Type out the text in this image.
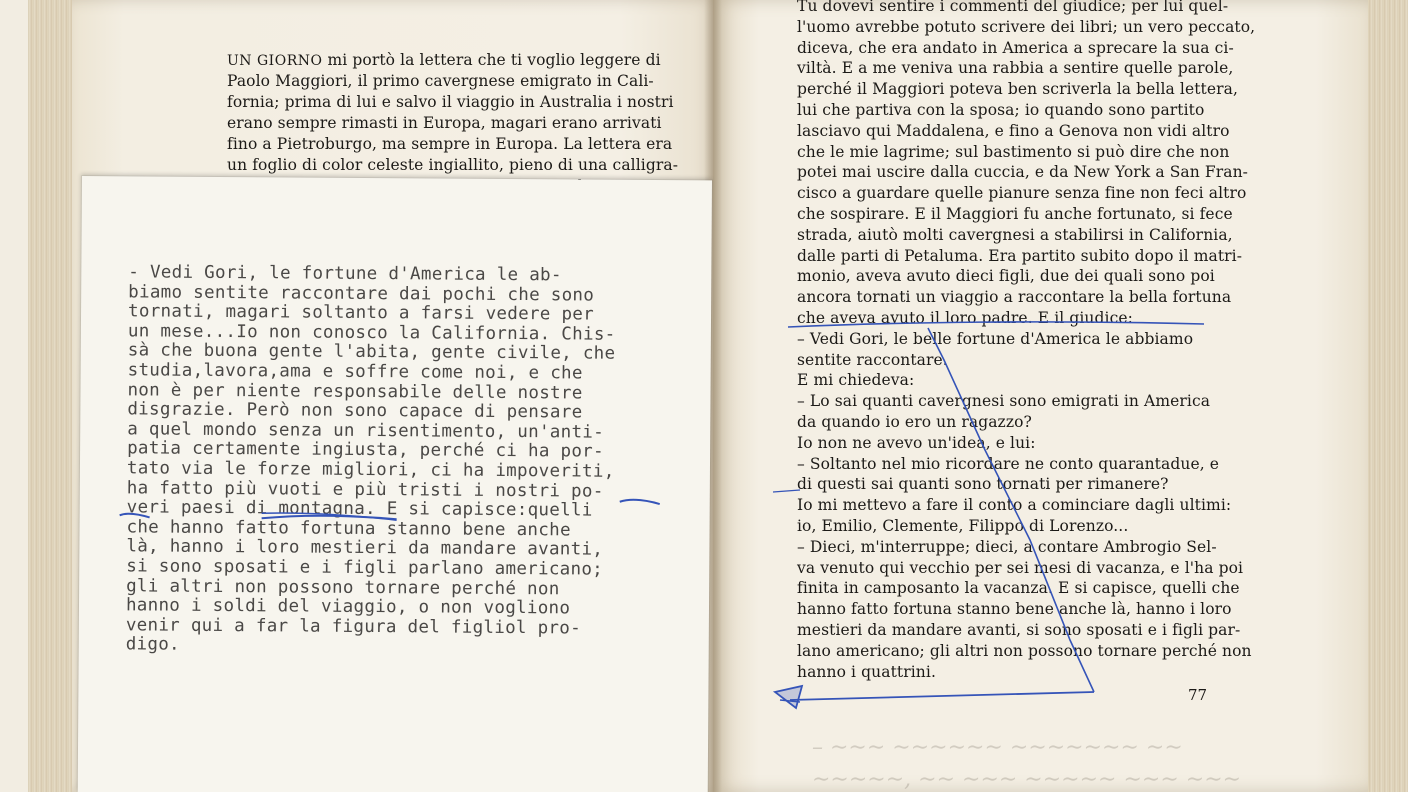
UN GIORNO mi portò la lettera che ti voglio leggere di
Paolo Maggiori, il primo cavergnese emigrato in Cali-
fornia; prima di lui e salvo il viaggio in Australia i nostri
erano sempre rimasti in Europa, magari erano arrivati
fino a Pietroburgo, ma sempre in Europa. La lettera era
un foglio di color celeste ingiallito, pieno di una calligra-
- Vedi Gori, le fortune d'America le ab-
biamo sentite raccontare dai pochi che sono
tornati, magari soltanto a farsi vedere per
un mese...Io non conosco la California. Chis-
sà che buona gente l'abita, gente civile, che
studia,lavora,ama e soffre come noi, e che
non è per niente responsabile delle nostre
disgrazie. Però non sono capace di pensare
a quel mondo senza un risentimento, un'anti-
patia certamente ingiusta, perché ci ha por-
tato via le forze migliori, ci ha impoveriti,
ha fatto più vuoti e più tristi i nostri po-
veri paesi di montagna. E si capisce:quelli
che hanno fatto fortuna stanno bene anche
là, hanno i loro mestieri da mandare avanti,
si sono sposati e i figli parlano americano;
gli altri non possono tornare perché non
hanno i soldi del viaggio, o non vogliono
venir qui a far la figura del figliol pro-
digo.
Tu dovevi sentire i commenti del giudice; per lui quel-
l'uomo avrebbe potuto scrivere dei libri; un vero peccato,
diceva, che era andato in America a sprecare la sua ci-
viltà. E a me veniva una rabbia a sentire quelle parole,
perché il Maggiori poteva ben scriverla la bella lettera,
lui che partiva con la sposa; io quando sono partito
lasciavo qui Maddalena, e fino a Genova non vidi altro
che le mie lagrime; sul bastimento si può dire che non
potei mai uscire dalla cuccia, e da New York a San Fran-
cisco a guardare quelle pianure senza fine non feci altro
che sospirare. E il Maggiori fu anche fortunato, si fece
strada, aiutò molti cavergnesi a stabilirsi in California,
dalle parti di Petaluma. Era partito subito dopo il matri-
monio, aveva avuto dieci figli, due dei quali sono poi
ancora tornati un viaggio a raccontare la bella fortuna
che aveva avuto il loro padre. E il giudice:
– Vedi Gori, le belle fortune d'America le abbiamo
sentite raccontare.
E mi chiedeva:
– Lo sai quanti cavergnesi sono emigrati in America
da quando io ero un ragazzo?
Io non ne avevo un'idea, e lui:
– Soltanto nel mio ricordare ne conto quarantadue, e
di questi sai quanti sono tornati per rimanere?
Io mi mettevo a fare il conto a cominciare dagli ultimi:
io, Emilio, Clemente, Filippo di Lorenzo...
– Dieci, m'interruppe; dieci, a contare Ambrogio Sel-
va venuto qui vecchio per sei mesi di vacanza, e l'ha poi
finita in camposanto la vacanza. E si capisce, quelli che
hanno fatto fortuna stanno bene anche là, hanno i loro
mestieri da mandare avanti, si sono sposati e i figli par-
lano americano; gli altri non possono tornare perché non
hanno i quattrini.
77
– ∼∼∼ ∼∼∼∼∼∼ ∼∼∼∼∼∼∼ ∼∼
∼∼∼∼∼, ∼∼ ∼∼∼ ∼∼∼∼∼ ∼∼∼ ∼∼∼
